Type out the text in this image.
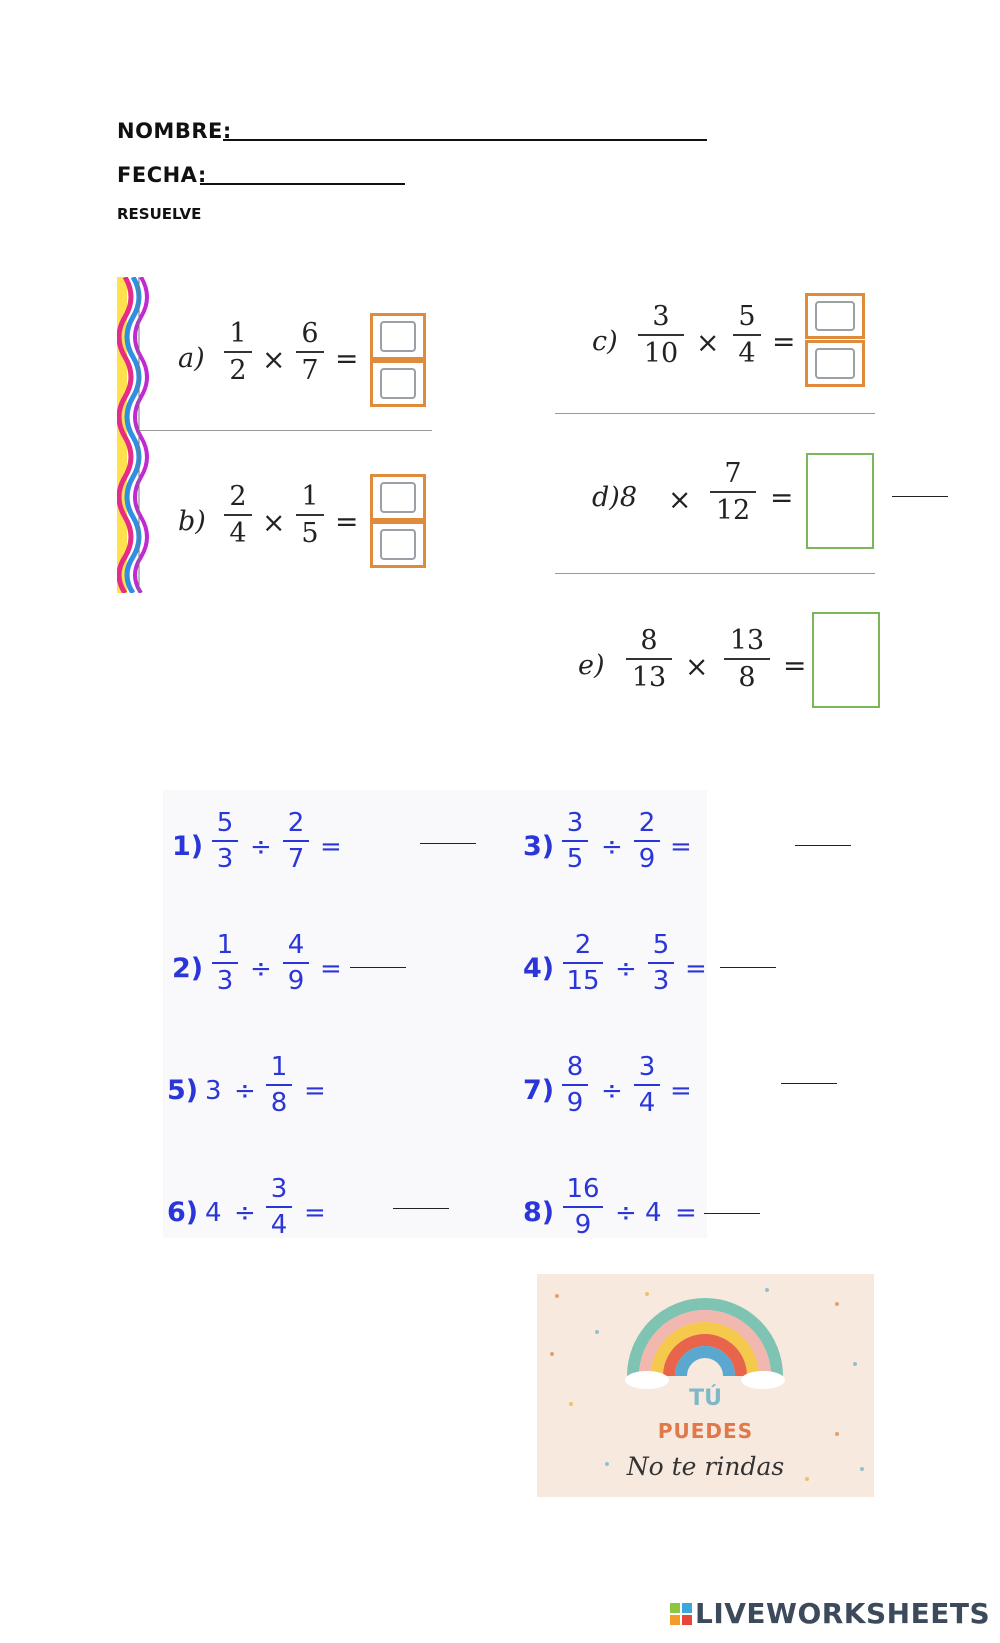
NOMBRE:
FECHA:
RESUELVE
a)
1
2 ×
6
7 =
b)
2
4 ×
1
5 =
c)
3
10 ×
5
4 =
d)8 ×
7
12 =
e)
8
13 ×
13
8 =
1)
5
3 ÷
2
7 =
2)
1
3 ÷
4
9 =
3)
3
5 ÷
2
9 =
4)
2
15 ÷
5
3 =
5) 3 ÷
1
8 =
6) 4 ÷
3
4 =
7)
8
9 ÷
3
4 =
8)
16
9 ÷ 4 =
TÚ
PUEDES
No te rindas
LIVEWORKSHEETS
